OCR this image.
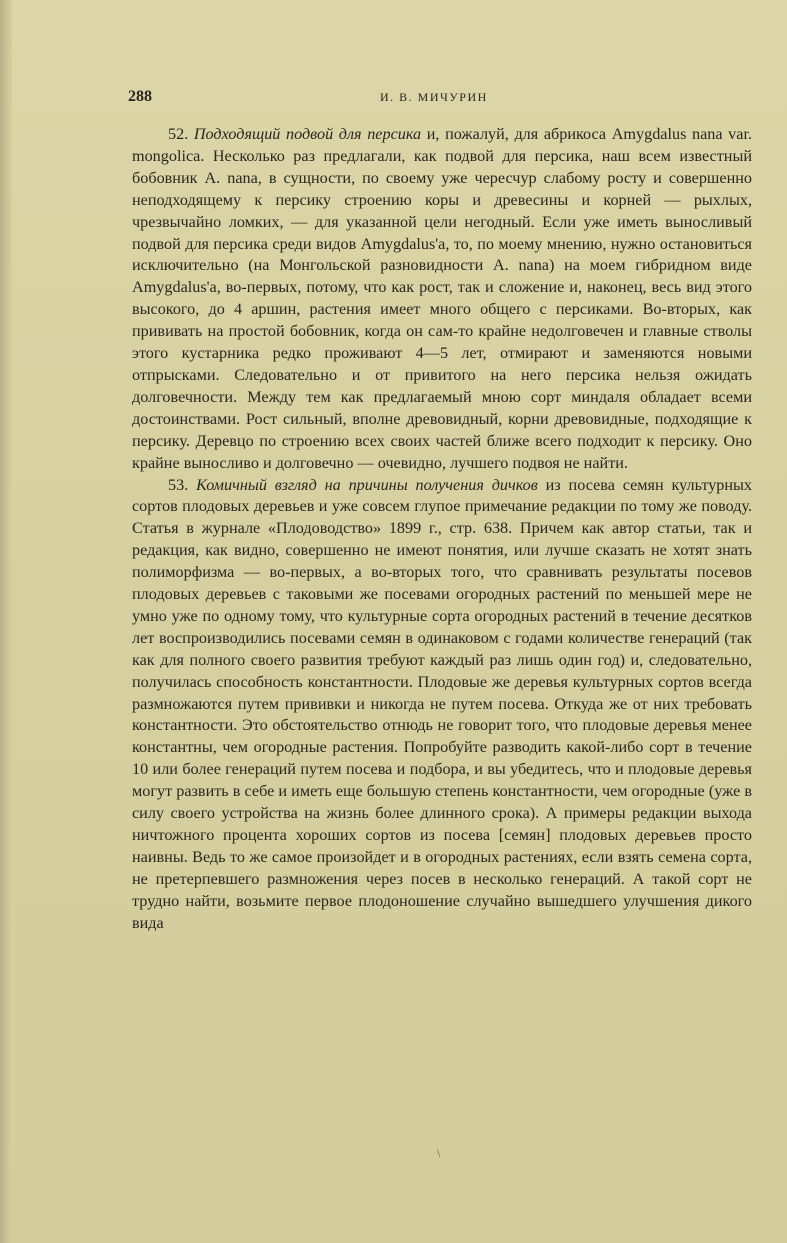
288	И. В. МИЧУРИН

52. Подходящий подвой для персика и, пожалуй, для абрикоса Amygdalus nana var. mongolica. Несколько раз предлагали, как подвой для персика, наш всем известный бобовник A. nana, в сущности, по своему уже чересчур слабому росту и совершенно неподходящему к персику строению коры и древесины и корней — рыхлых, чрезвычайно ломких, — для указанной цели негодный. Если уже иметь выносливый подвой для персика среди видов Amygdalus'a, то, по моему мнению, нужно остановиться исключительно (на Монгольской разновидности A. nana) на моем гибридном виде Amygdalus'a, во-первых, потому, что как рост, так и сложение и, наконец, весь вид этого высокого, до 4 аршин, растения имеет много общего с персиками. Во-вторых, как прививать на простой бобовник, когда он сам-то крайне недолговечен и главные стволы этого кустарника редко проживают 4—5 лет, отмирают и заменяются новыми отпрысками. Следовательно и от привитого на него персика нельзя ожидать долговечности. Между тем как предлагаемый мною сорт миндаля обладает всеми достоинствами. Рост сильный, вполне древовидный, корни древовидные, подходящие к персику. Деревцо по строению всех своих частей ближе всего подходит к персику. Оно крайне выносливо и долговечно — очевидно, лучшего подвоя не найти.

53. Комичный взгляд на причины получения дичков из посева семян культурных сортов плодовых деревьев и уже совсем глупое примечание редакции по тому же поводу. Статья в журнале «Плодоводство» 1899 г., стр. 638. Причем как автор статьи, так и редакция, как видно, совершенно не имеют понятия, или лучше сказать не хотят знать полиморфизма — во-первых, а во-вторых того, что сравнивать результаты посевов плодовых деревьев с таковыми же посевами огородных растений по меньшей мере не умно уже по одному тому, что культурные сорта огородных растений в течение десятков лет воспроизводились посевами семян в одинаковом с годами количестве генераций (так как для полного своего развития требуют каждый раз лишь один год) и, следовательно, получилась способность константности. Плодовые же деревья культурных сортов всегда размножаются путем прививки и никогда не путем посева. Откуда же от них требовать константности. Это обстоятельство отнюдь не говорит того, что плодовые деревья менее константны, чем огородные растения. Попробуйте разводить какой-либо сорт в течение 10 или более генераций путем посева и подбора, и вы убедитесь, что и плодовые деревья могут развить в себе и иметь еще большую степень константности, чем огородные (уже в силу своего устройства на жизнь более длинного срока). А примеры редакции выхода ничтожного процента хороших сортов из посева [семян] плодовых деревьев просто наивны. Ведь то же самое произойдет и в огородных растениях, если взять семена сорта, не претерпевшего размножения через посев в несколько генераций. А такой сорт не трудно найти, возьмите первое плодоношение случайно вышедшего улучшения дикого вида

\
